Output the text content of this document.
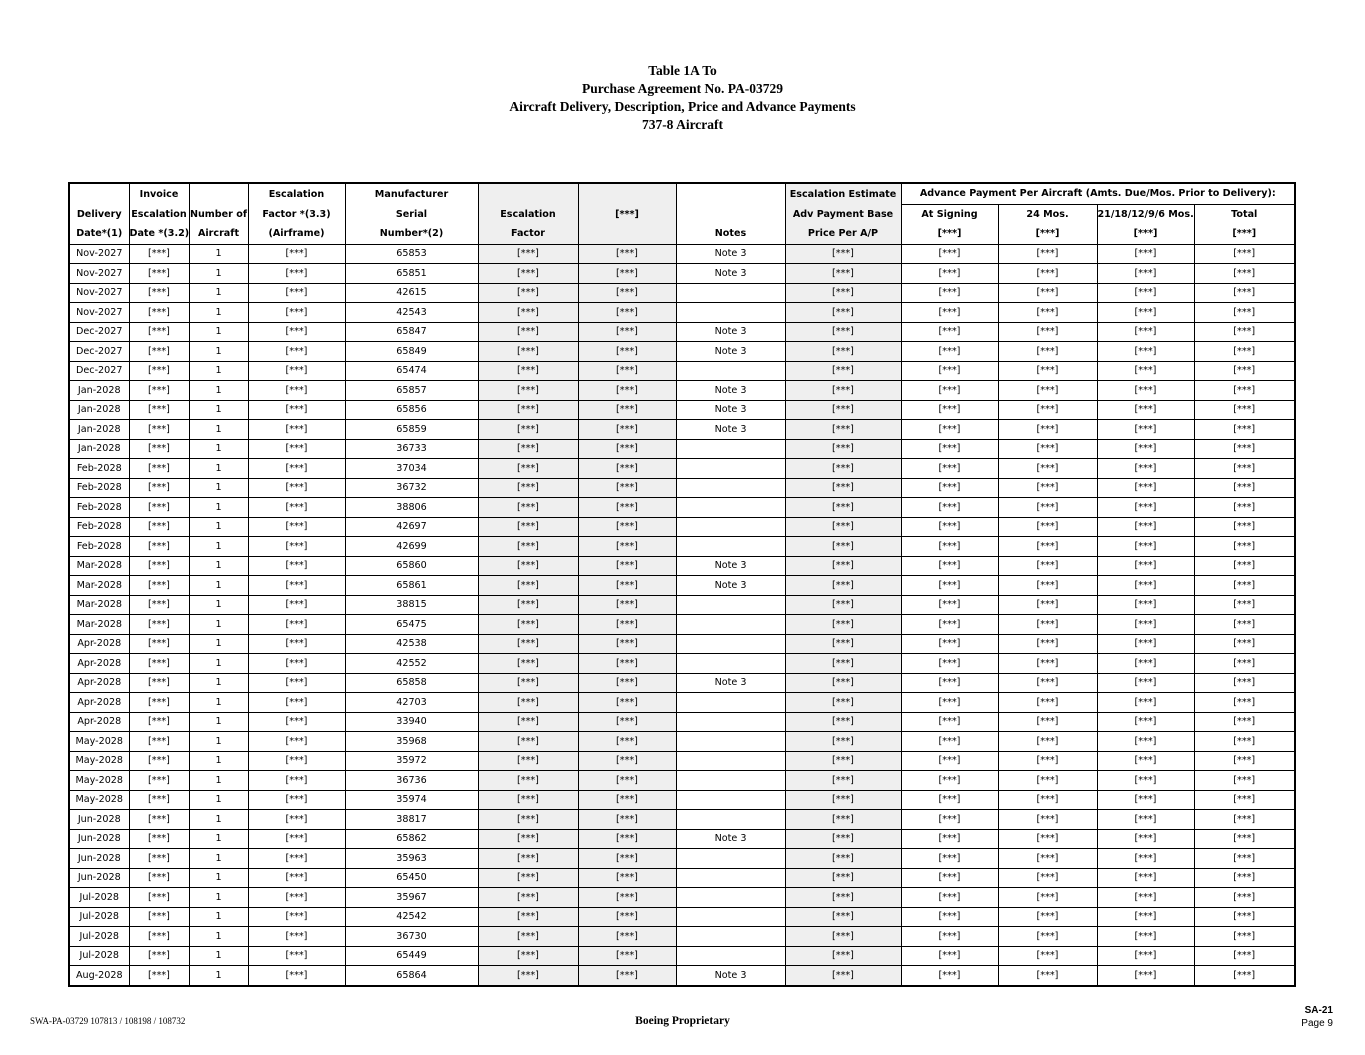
Table 1A To
Purchase Agreement No. PA-03729
Aircraft Delivery, Description, Price and Advance Payments
737-8 Aircraft
	Invoice		Escalation	Manufacturer				Escalation Estimate	Advance Payment Per Aircraft (Amts. Due/Mos. Prior to Delivery):			
Delivery	Escalation	Number of	Factor *(3.3)	Serial	Escalation	[***]		Adv Payment Base	At Signing	24 Mos.	21/18/12/9/6 Mos.	Total
Date*(1)	Date *(3.2)	Aircraft	(Airframe)	Number*(2)	Factor		Notes	Price Per A/P	[***]	[***]	[***]	[***]
Nov-2027	[***]	1	[***]	65853	[***]	[***]	Note 3	[***]	[***]	[***]	[***]	[***]
Nov-2027	[***]	1	[***]	65851	[***]	[***]	Note 3	[***]	[***]	[***]	[***]	[***]
Nov-2027	[***]	1	[***]	42615	[***]	[***]		[***]	[***]	[***]	[***]	[***]
Nov-2027	[***]	1	[***]	42543	[***]	[***]		[***]	[***]	[***]	[***]	[***]
Dec-2027	[***]	1	[***]	65847	[***]	[***]	Note 3	[***]	[***]	[***]	[***]	[***]
Dec-2027	[***]	1	[***]	65849	[***]	[***]	Note 3	[***]	[***]	[***]	[***]	[***]
Dec-2027	[***]	1	[***]	65474	[***]	[***]		[***]	[***]	[***]	[***]	[***]
Jan-2028	[***]	1	[***]	65857	[***]	[***]	Note 3	[***]	[***]	[***]	[***]	[***]
Jan-2028	[***]	1	[***]	65856	[***]	[***]	Note 3	[***]	[***]	[***]	[***]	[***]
Jan-2028	[***]	1	[***]	65859	[***]	[***]	Note 3	[***]	[***]	[***]	[***]	[***]
Jan-2028	[***]	1	[***]	36733	[***]	[***]		[***]	[***]	[***]	[***]	[***]
Feb-2028	[***]	1	[***]	37034	[***]	[***]		[***]	[***]	[***]	[***]	[***]
Feb-2028	[***]	1	[***]	36732	[***]	[***]		[***]	[***]	[***]	[***]	[***]
Feb-2028	[***]	1	[***]	38806	[***]	[***]		[***]	[***]	[***]	[***]	[***]
Feb-2028	[***]	1	[***]	42697	[***]	[***]		[***]	[***]	[***]	[***]	[***]
Feb-2028	[***]	1	[***]	42699	[***]	[***]		[***]	[***]	[***]	[***]	[***]
Mar-2028	[***]	1	[***]	65860	[***]	[***]	Note 3	[***]	[***]	[***]	[***]	[***]
Mar-2028	[***]	1	[***]	65861	[***]	[***]	Note 3	[***]	[***]	[***]	[***]	[***]
Mar-2028	[***]	1	[***]	38815	[***]	[***]		[***]	[***]	[***]	[***]	[***]
Mar-2028	[***]	1	[***]	65475	[***]	[***]		[***]	[***]	[***]	[***]	[***]
Apr-2028	[***]	1	[***]	42538	[***]	[***]		[***]	[***]	[***]	[***]	[***]
Apr-2028	[***]	1	[***]	42552	[***]	[***]		[***]	[***]	[***]	[***]	[***]
Apr-2028	[***]	1	[***]	65858	[***]	[***]	Note 3	[***]	[***]	[***]	[***]	[***]
Apr-2028	[***]	1	[***]	42703	[***]	[***]		[***]	[***]	[***]	[***]	[***]
Apr-2028	[***]	1	[***]	33940	[***]	[***]		[***]	[***]	[***]	[***]	[***]
May-2028	[***]	1	[***]	35968	[***]	[***]		[***]	[***]	[***]	[***]	[***]
May-2028	[***]	1	[***]	35972	[***]	[***]		[***]	[***]	[***]	[***]	[***]
May-2028	[***]	1	[***]	36736	[***]	[***]		[***]	[***]	[***]	[***]	[***]
May-2028	[***]	1	[***]	35974	[***]	[***]		[***]	[***]	[***]	[***]	[***]
Jun-2028	[***]	1	[***]	38817	[***]	[***]		[***]	[***]	[***]	[***]	[***]
Jun-2028	[***]	1	[***]	65862	[***]	[***]	Note 3	[***]	[***]	[***]	[***]	[***]
Jun-2028	[***]	1	[***]	35963	[***]	[***]		[***]	[***]	[***]	[***]	[***]
Jun-2028	[***]	1	[***]	65450	[***]	[***]		[***]	[***]	[***]	[***]	[***]
Jul-2028	[***]	1	[***]	35967	[***]	[***]		[***]	[***]	[***]	[***]	[***]
Jul-2028	[***]	1	[***]	42542	[***]	[***]		[***]	[***]	[***]	[***]	[***]
Jul-2028	[***]	1	[***]	36730	[***]	[***]		[***]	[***]	[***]	[***]	[***]
Jul-2028	[***]	1	[***]	65449	[***]	[***]		[***]	[***]	[***]	[***]	[***]
Aug-2028	[***]	1	[***]	65864	[***]	[***]	Note 3	[***]	[***]	[***]	[***]	[***]
SWA-PA-03729 107813 / 108198 / 108732	Boeing Proprietary
SA-21
Page 9
